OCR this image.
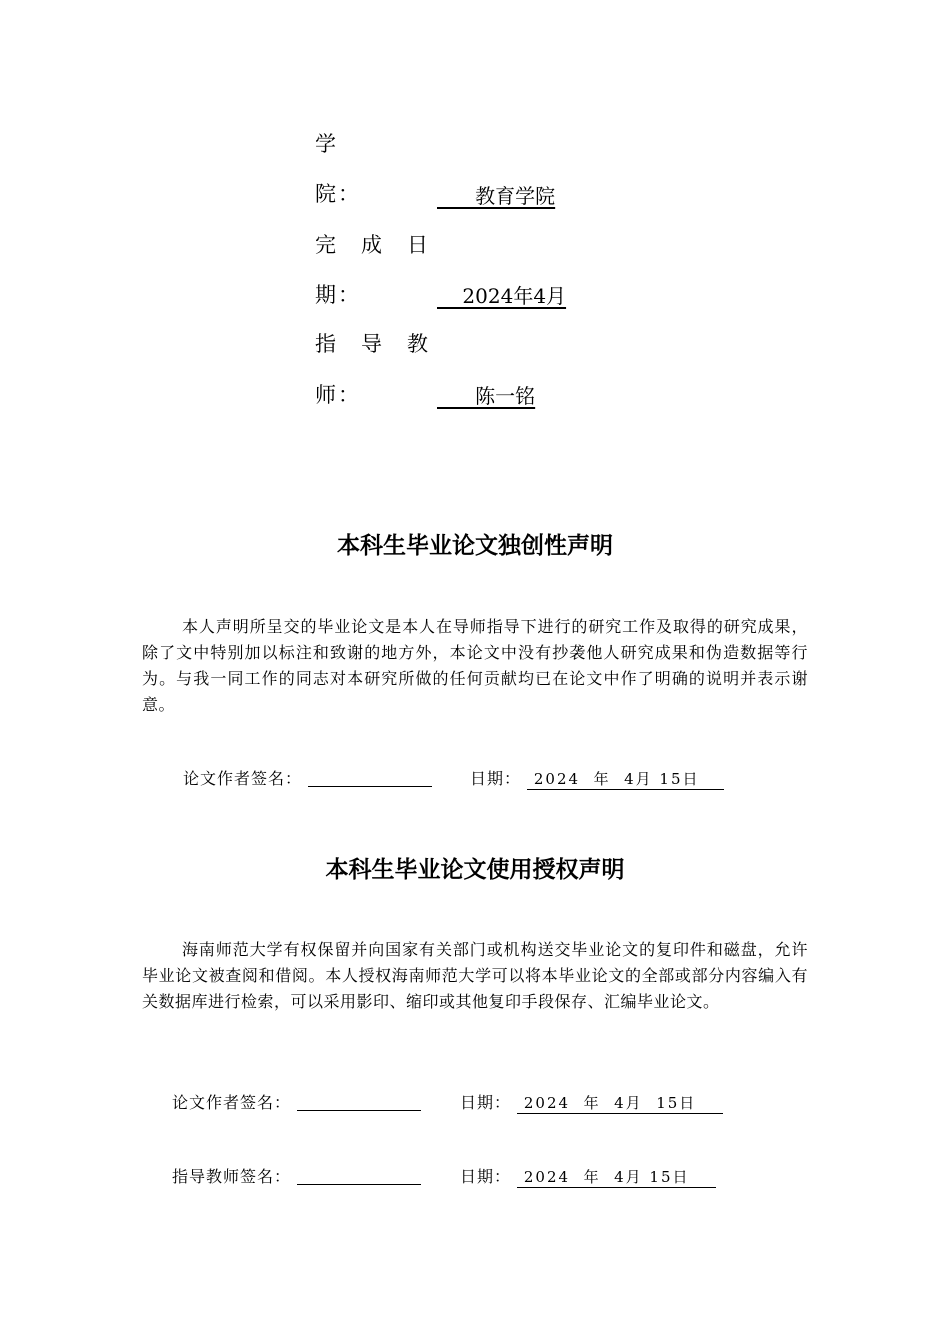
学
院：	教育学院
完　成　日
期：	2024年4月
指　导　教
师：	陈一铭
本科生毕业论文独创性声明

本人声明所呈交的毕业论文是本人在导师指导下进行的研究工作及取得的研究成果，除了文中特别加以标注和致谢的地方外，本论文中没有抄袭他人研究成果和伪造数据等行为。与我一同工作的同志对本研究所做的任何贡献均已在论文中作了明确的说明并表示谢意。

论文作者签名：	日期：  2024  年  4月 15日
本科生毕业论文使用授权声明

海南师范大学有权保留并向国家有关部门或机构送交毕业论文的复印件和磁盘，允许毕业论文被查阅和借阅。本人授权海南师范大学可以将本毕业论文的全部或部分内容编入有关数据库进行检索，可以采用影印、缩印或其他复印手段保存、汇编毕业论文。

论文作者签名：	日期：  2024  年  4月  15日
指导教师签名：	日期：  2024  年  4月 15日
